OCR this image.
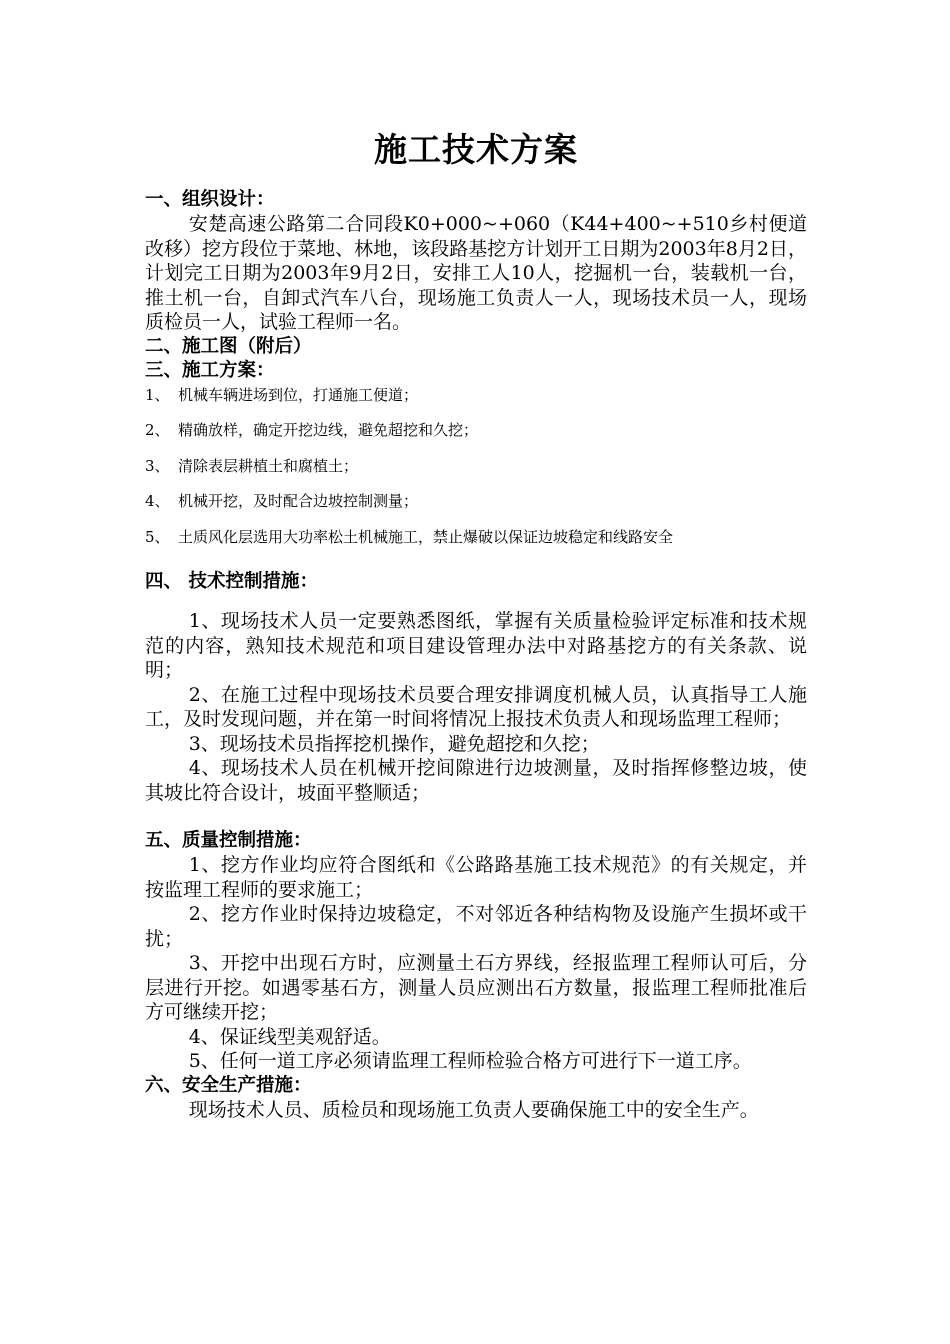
施工技术方案

一、组织设计：

安楚高速公路第二合同段K0+000~+060（K44+400~+510乡村便道改移）挖方段位于菜地、林地，该段路基挖方计划开工日期为2003年8月2日，计划完工日期为2003年9月2日，安排工人10人，挖掘机一台，装载机一台，推土机一台，自卸式汽车八台，现场施工负责人一人，现场技术员一人，现场质检员一人，试验工程师一名。

二、施工图（附后）

三、施工方案：

1、 机械车辆进场到位，打通施工便道；

2、 精确放样，确定开挖边线，避免超挖和久挖；

3、 清除表层耕植土和腐植土；

4、 机械开挖，及时配合边坡控制测量；

5、 土质风化层选用大功率松土机械施工，禁止爆破以保证边坡稳定和线路安全

四、 技术控制措施：

1、现场技术人员一定要熟悉图纸，掌握有关质量检验评定标准和技术规范的内容，熟知技术规范和项目建设管理办法中对路基挖方的有关条款、说明；

2、在施工过程中现场技术员要合理安排调度机械人员，认真指导工人施工，及时发现问题，并在第一时间将情况上报技术负责人和现场监理工程师；

3、现场技术员指挥挖机操作，避免超挖和久挖；

4、现场技术人员在机械开挖间隙进行边坡测量，及时指挥修整边坡，使其坡比符合设计，坡面平整顺适；

五、质量控制措施：

1、挖方作业均应符合图纸和《公路路基施工技术规范》的有关规定，并按监理工程师的要求施工；

2、挖方作业时保持边坡稳定，不对邻近各种结构物及设施产生损坏或干扰；

3、开挖中出现石方时，应测量土石方界线，经报监理工程师认可后，分层进行开挖。如遇零基石方，测量人员应测出石方数量，报监理工程师批准后方可继续开挖；

4、保证线型美观舒适。

5、任何一道工序必须请监理工程师检验合格方可进行下一道工序。

六、安全生产措施：

现场技术人员、质检员和现场施工负责人要确保施工中的安全生产。
